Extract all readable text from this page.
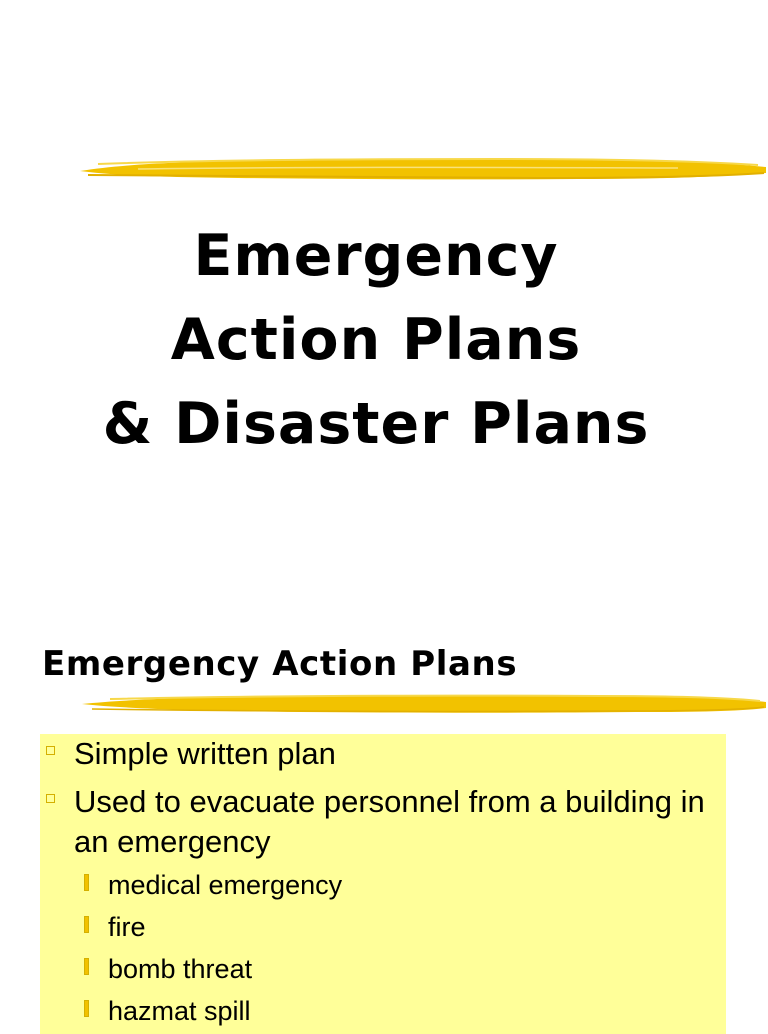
Emergency
Action Plans
& Disaster Plans
Emergency Action Plans
Simple written plan
Used to evacuate personnel from a building in an emergency
medical emergency
fire
bomb threat
hazmat spill
